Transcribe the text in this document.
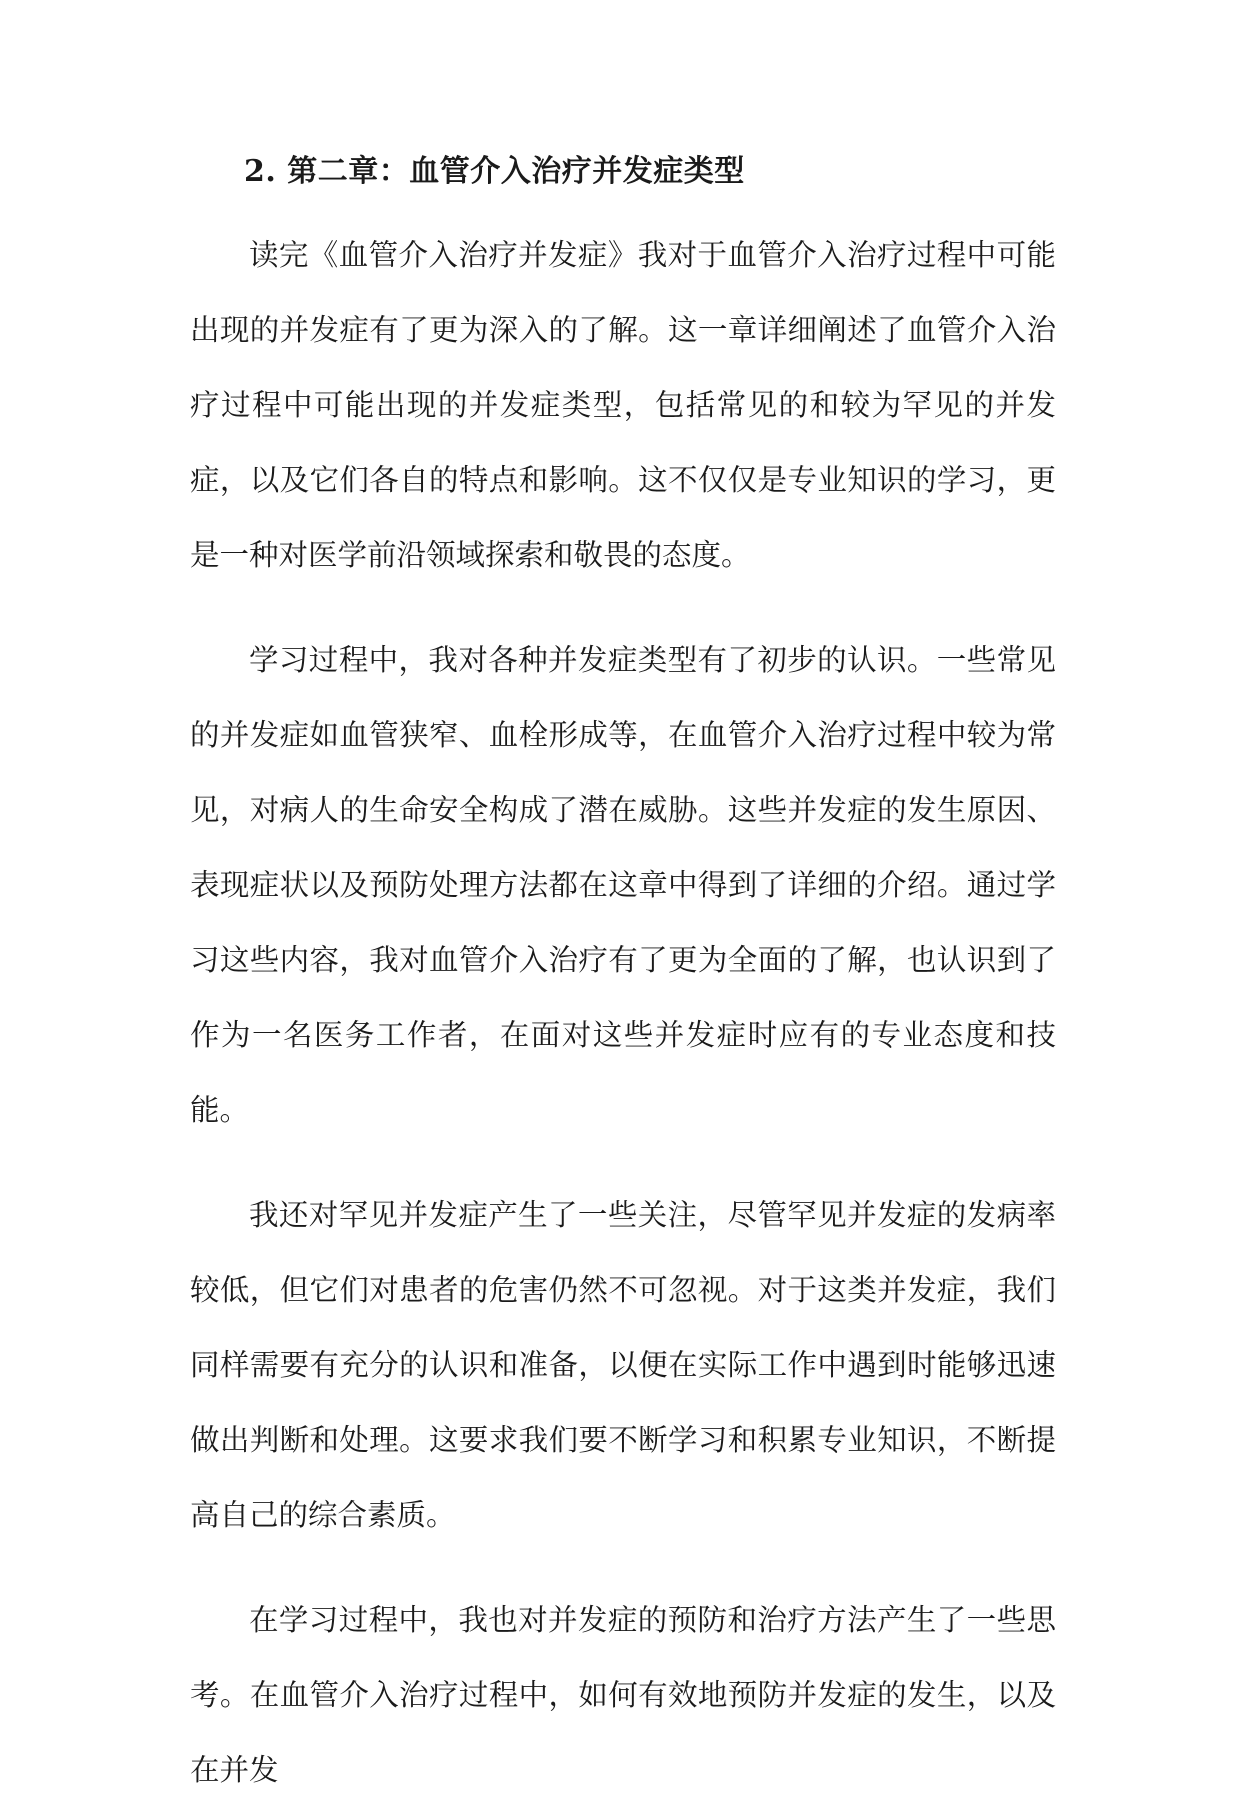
2. 第二章：血管介入治疗并发症类型

读完《血管介入治疗并发症》我对于血管介入治疗过程中可能出现的并发症有了更为深入的了解。这一章详细阐述了血管介入治疗过程中可能出现的并发症类型，包括常见的和较为罕见的并发症，以及它们各自的特点和影响。这不仅仅是专业知识的学习，更是一种对医学前沿领域探索和敬畏的态度。

学习过程中，我对各种并发症类型有了初步的认识。一些常见的并发症如血管狭窄、血栓形成等，在血管介入治疗过程中较为常见，对病人的生命安全构成了潜在威胁。这些并发症的发生原因、表现症状以及预防处理方法都在这章中得到了详细的介绍。通过学习这些内容，我对血管介入治疗有了更为全面的了解，也认识到了作为一名医务工作者，在面对这些并发症时应有的专业态度和技能。

我还对罕见并发症产生了一些关注，尽管罕见并发症的发病率较低，但它们对患者的危害仍然不可忽视。对于这类并发症，我们同样需要有充分的认识和准备，以便在实际工作中遇到时能够迅速做出判断和处理。这要求我们要不断学习和积累专业知识，不断提高自己的综合素质。

在学习过程中，我也对并发症的预防和治疗方法产生了一些思考。在血管介入治疗过程中，如何有效地预防并发症的发生，以及在并发
